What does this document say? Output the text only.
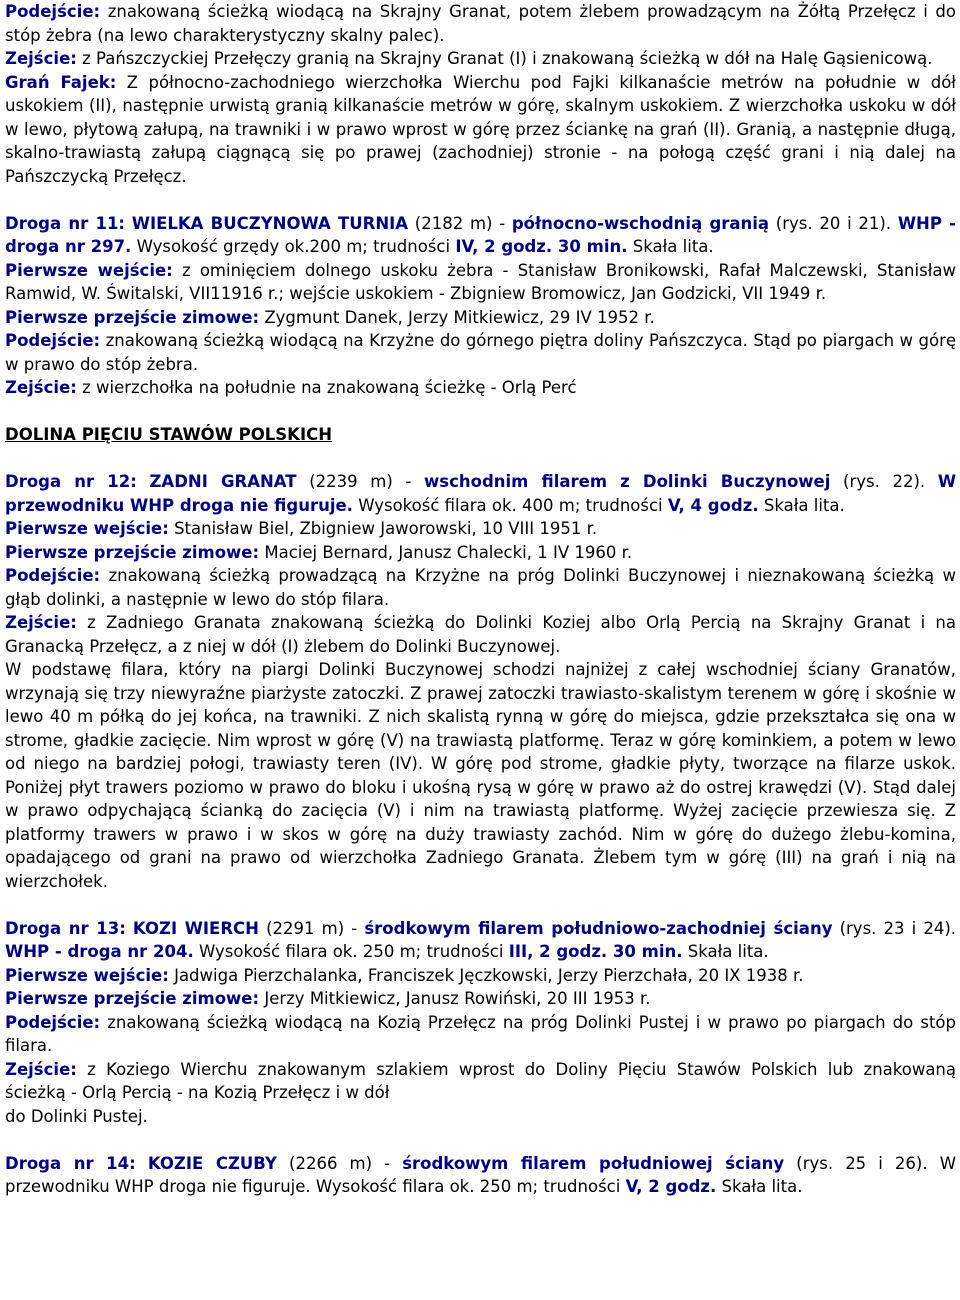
Podejście: znakowaną ścieżką wiodącą na Skrajny Granat, potem żlebem prowadzącym na Żółtą Przełęcz i do stóp żebra (na lewo charakterystyczny skalny palec).

Zejście: z Pańszczyckiej Przełęczy granią na Skrajny Granat (I) i znakowaną ścieżką w dół na Halę Gąsienicową.

Grań Fajek: Z północno-zachodniego wierzchołka Wierchu pod Fajki kilkanaście metrów na południe w dół uskokiem (II), następnie urwistą granią kilkanaście metrów w górę, skalnym uskokiem. Z wierzchołka uskoku w dół w lewo, płytową załupą, na trawniki i w prawo wprost w górę przez ściankę na grań (II). Granią, a następnie długą, skalno-trawiastą załupą ciągnącą się po prawej (zachodniej) stronie - na połogą część grani i nią dalej na Pańszczycką Przełęcz.

Droga nr 11: WIELKA BUCZYNOWA TURNIA (2182 m) - północno-wschodnią granią (rys. 20 i 21). WHP - droga nr 297. Wysokość grzędy ok.200 m; trudności IV, 2 godz. 30 min. Skała lita.

Pierwsze wejście: z ominięciem dolnego uskoku żebra - Stanisław Bronikowski, Rafał Malczewski, Stanisław Ramwid, W. Świtalski, VII11916 r.; wejście uskokiem - Zbigniew Bromowicz, Jan Godzicki, VII 1949 r.

Pierwsze przejście zimowe: Zygmunt Danek, Jerzy Mitkiewicz, 29 IV 1952 r.

Podejście: znakowaną ścieżką wiodącą na Krzyżne do górnego piętra doliny Pańszczyca. Stąd po piargach w górę w prawo do stóp żebra.

Zejście: z wierzchołka na południe na znakowaną ścieżkę - Orlą Perć

DOLINA PIĘCIU STAWÓW POLSKICH

Droga nr 12: ZADNI GRANAT (2239 m) - wschodnim filarem z Dolinki Buczynowej (rys. 22). W przewodniku WHP droga nie figuruje. Wysokość filara ok. 400 m; trudności V, 4 godz. Skała lita.

Pierwsze wejście: Stanisław Biel, Zbigniew Jaworowski, 10 VIII 1951 r.

Pierwsze przejście zimowe: Maciej Bernard, Janusz Chalecki, 1 IV 1960 r.

Podejście: znakowaną ścieżką prowadzącą na Krzyżne na próg Dolinki Buczynowej i nieznakowaną ścieżką w głąb dolinki, a następnie w lewo do stóp filara.

Zejście: z Zadniego Granata znakowaną ścieżką do Dolinki Koziej albo Orlą Percią na Skrajny Granat i na Granacką Przełęcz, a z niej w dół (I) żlebem do Dolinki Buczynowej.

W podstawę filara, który na piargi Dolinki Buczynowej schodzi najniżej z całej wschodniej ściany Granatów, wrzynają się trzy niewyraźne piarżyste zatoczki. Z prawej zatoczki trawiasto-skalistym terenem w górę i skośnie w lewo 40 m półką do jej końca, na trawniki. Z nich skalistą rynną w górę do miejsca, gdzie przekształca się ona w strome, gładkie zacięcie. Nim wprost w górę (V) na trawiastą platformę. Teraz w górę kominkiem, a potem w lewo od niego na bardziej połogi, trawiasty teren (IV). W górę pod strome, gładkie płyty, tworzące na filarze uskok. Poniżej płyt trawers poziomo w prawo do bloku i ukośną rysą w górę w prawo aż do ostrej krawędzi (V). Stąd dalej w prawo odpychającą ścianką do zacięcia (V) i nim na trawiastą platformę. Wyżej zacięcie przewiesza się. Z platformy trawers w prawo i w skos w górę na duży trawiasty zachód. Nim w górę do dużego żlebu-komina, opadającego od grani na prawo od wierzchołka Zadniego Granata. Żlebem tym w górę (III) na grań i nią na wierzchołek.

Droga nr 13: KOZI WIERCH (2291 m) - środkowym filarem południowo-zachodniej ściany (rys. 23 i 24). WHP - droga nr 204. Wysokość filara ok. 250 m; trudności III, 2 godz. 30 min. Skała lita.

Pierwsze wejście: Jadwiga Pierzchalanka, Franciszek Jęczkowski, Jerzy Pierzchała, 20 IX 1938 r.

Pierwsze przejście zimowe: Jerzy Mitkiewicz, Janusz Rowiński, 20 III 1953 r.

Podejście: znakowaną ścieżką wiodącą na Kozią Przełęcz na próg Dolinki Pustej i w prawo po piargach do stóp filara.

Zejście: z Koziego Wierchu znakowanym szlakiem wprost do Doliny Pięciu Stawów Polskich lub znakowaną ścieżką - Orlą Percią - na Kozią Przełęcz i w dół

do Dolinki Pustej.

Droga nr 14: KOZIE CZUBY (2266 m) - środkowym filarem południowej ściany (rys. 25 i 26). W przewodniku WHP droga nie figuruje. Wysokość filara ok. 250 m; trudności V, 2 godz. Skała lita.
